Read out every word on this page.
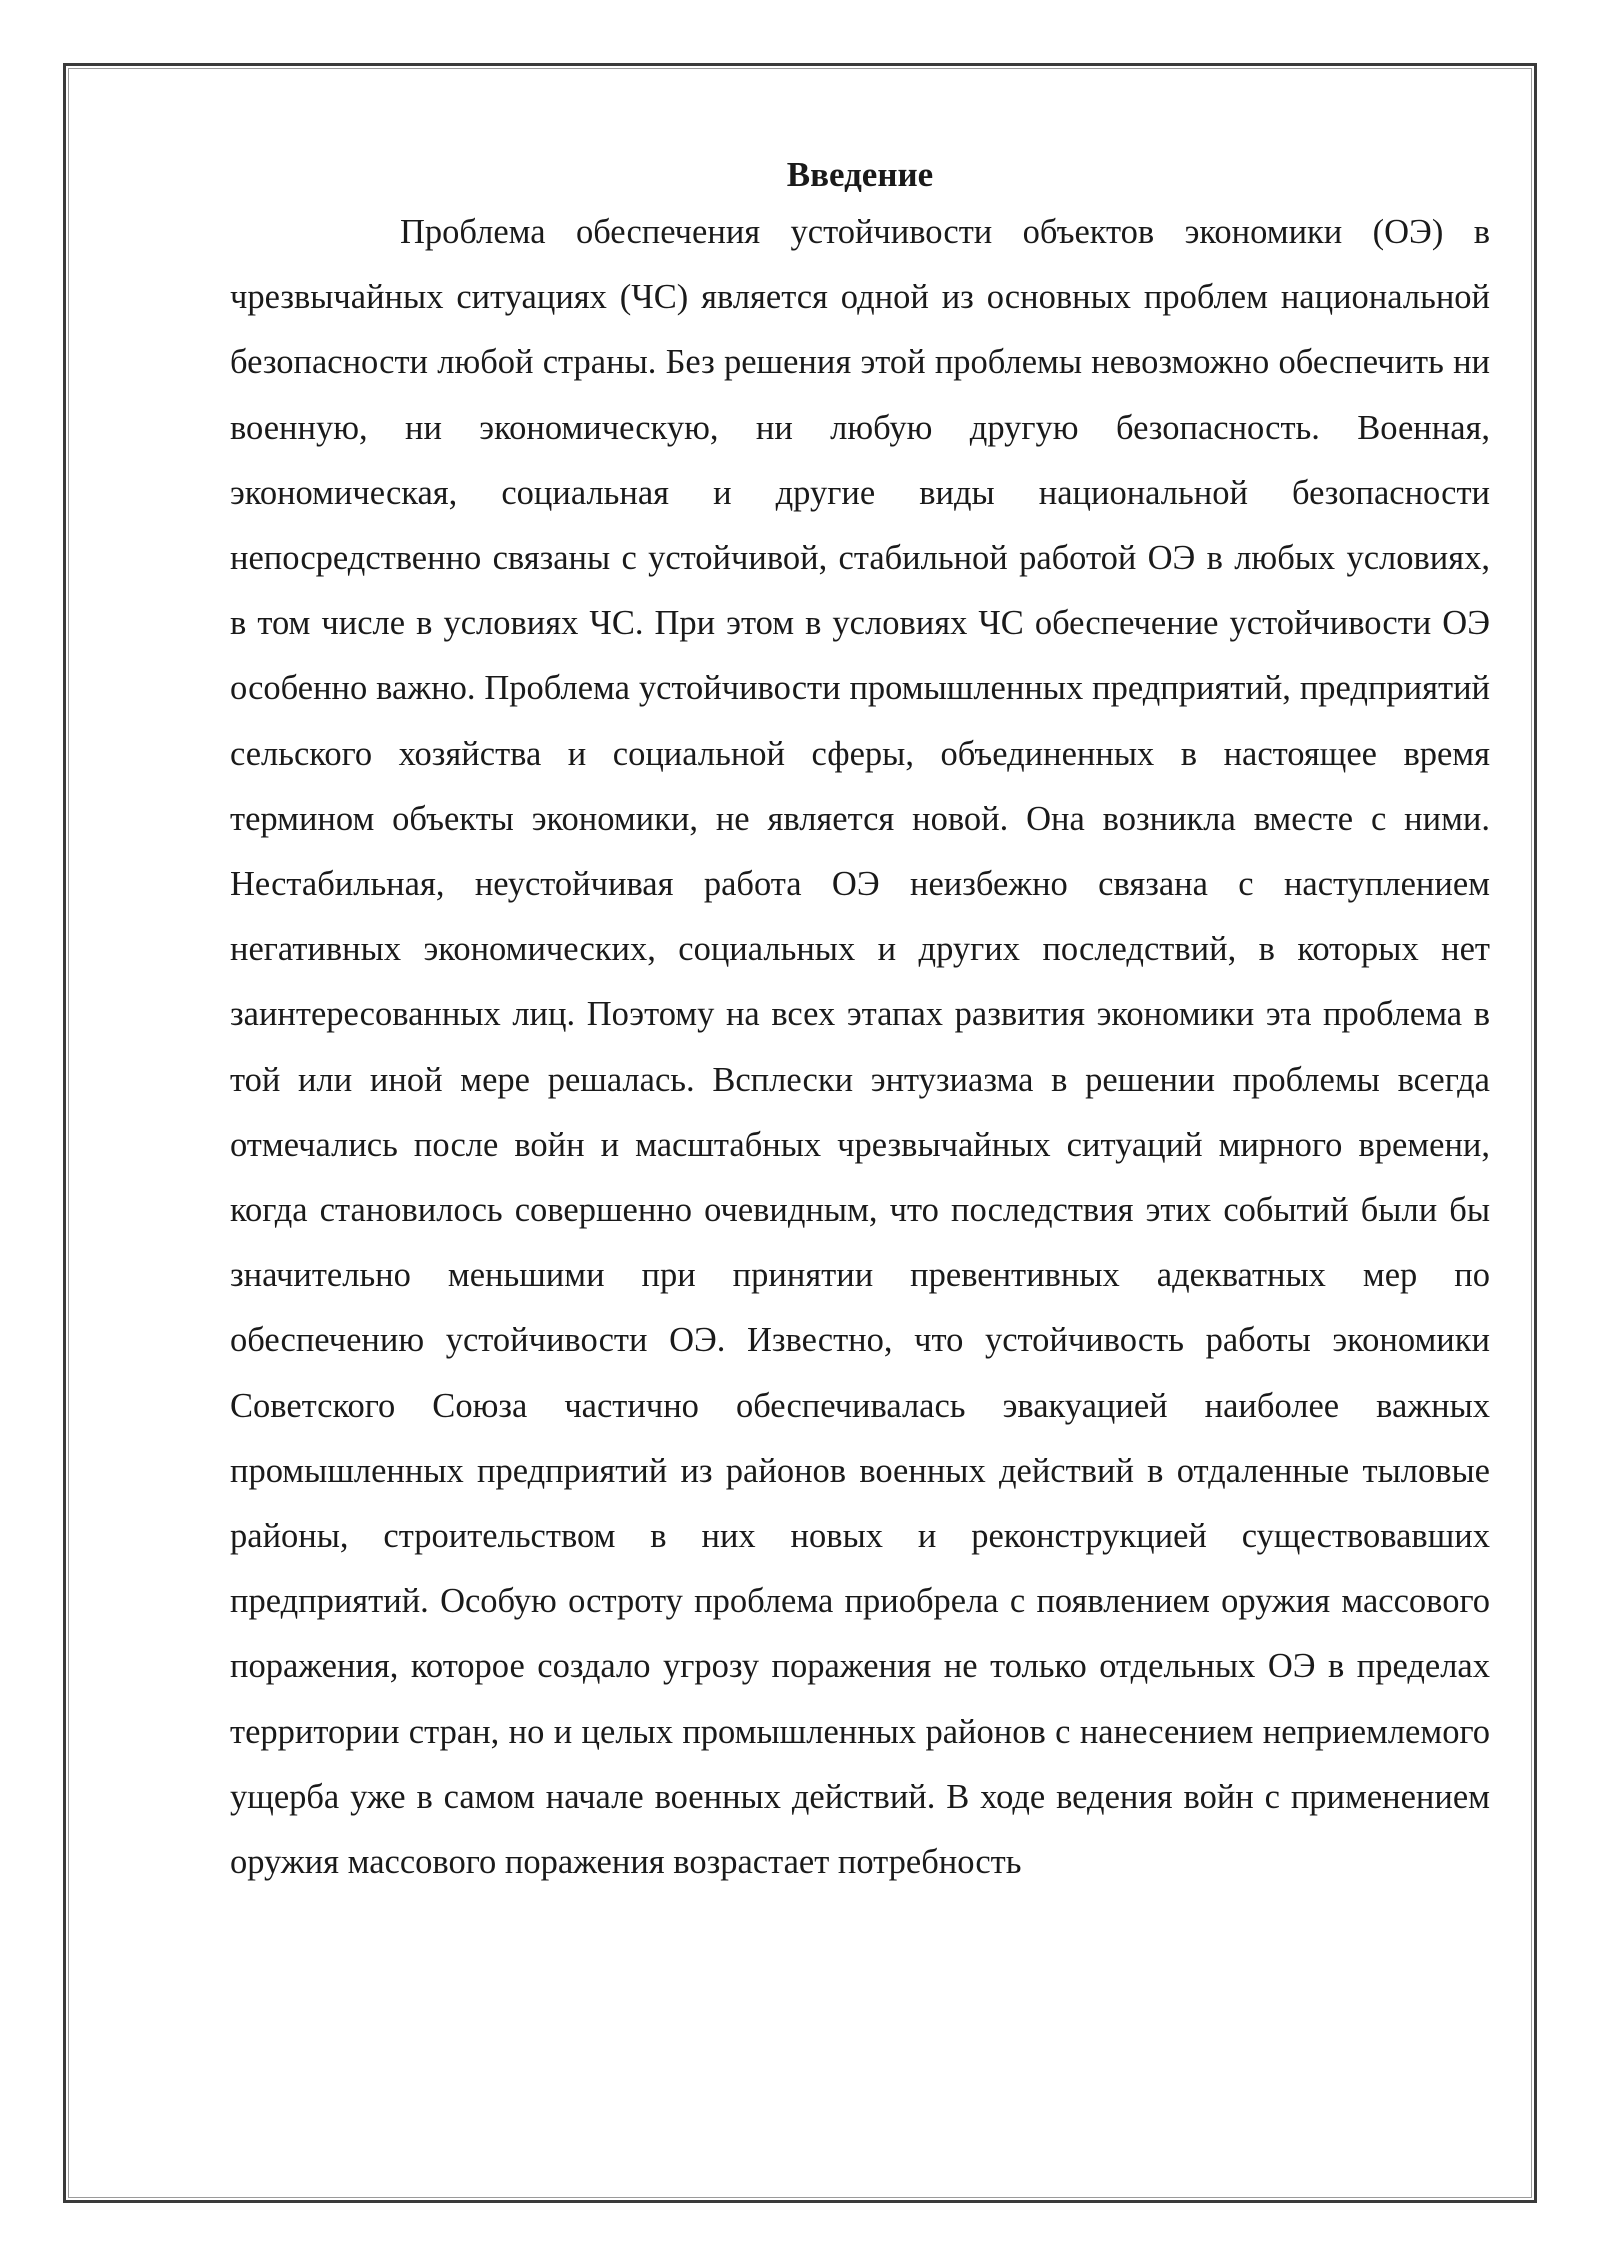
Введение

Проблема обеспечения устойчивости объектов экономики (ОЭ) в чрезвычайных ситуациях (ЧС) является одной из основных проблем национальной безопасности любой страны. Без решения этой проблемы невозможно обеспечить ни военную, ни экономическую, ни любую другую безопасность. Военная, экономическая, социальная и другие виды национальной безопасности непосредственно связаны с устойчивой, стабильной работой ОЭ в любых условиях, в том числе в условиях ЧС. При этом в условиях ЧС обеспечение устойчивости ОЭ особенно важно. Проблема устойчивости промышленных предприятий, предприятий сельского хозяйства и социальной сферы, объединенных в настоящее время термином объекты экономики, не является новой. Она возникла вместе с ними. Нестабильная, неустойчивая работа ОЭ неизбежно связана с наступлением негативных экономических, социальных и других последствий, в которых нет заинтересованных лиц. Поэтому на всех этапах развития экономики эта проблема в той или иной мере решалась. Всплески энтузиазма в решении проблемы всегда отмечались после войн и масштабных чрезвычайных ситуаций мирного времени, когда становилось совершенно очевидным, что последствия этих событий были бы значительно меньшими при принятии превентивных адекватных мер по обеспечению устойчивости ОЭ. Известно, что устойчивость работы экономики Советского Союза частично обеспечивалась эвакуацией наиболее важных промышленных предприятий из районов военных действий в отдаленные тыловые районы, строительством в них новых и реконструкцией существовавших предприятий. Особую остроту проблема приобрела с появлением оружия массового поражения, которое создало угрозу поражения не только отдельных ОЭ в пределах территории стран, но и целых промышленных районов с нанесением неприемлемого ущерба уже в самом начале военных действий. В ходе ведения войн с применением оружия массового поражения возрастает потребность
